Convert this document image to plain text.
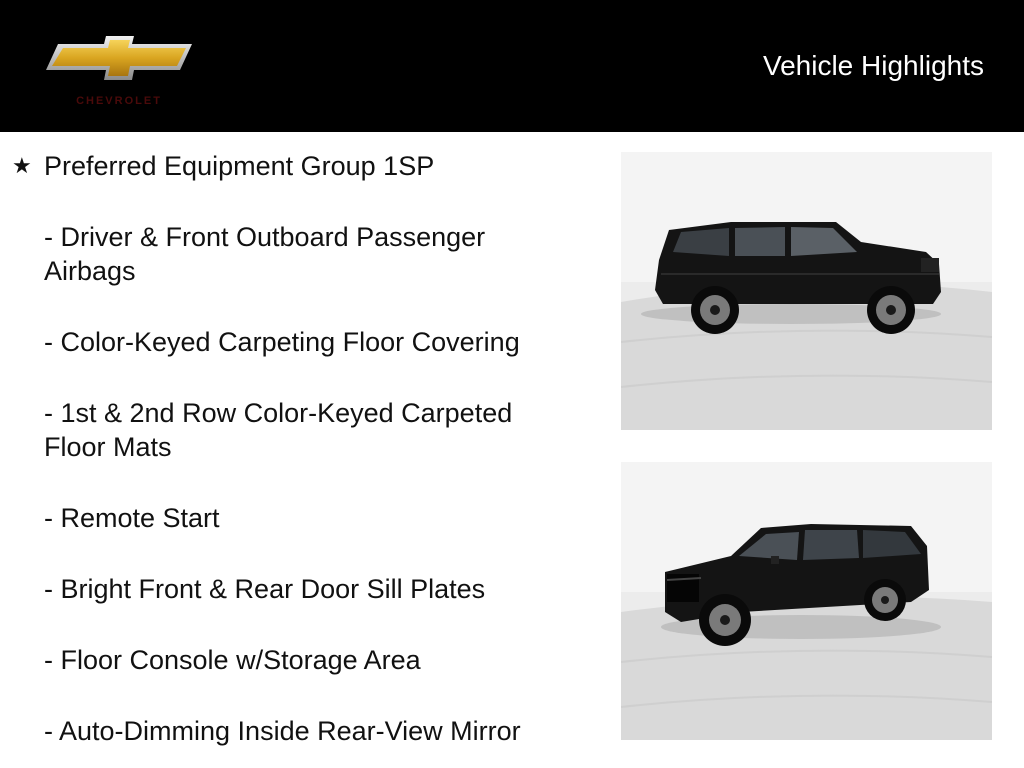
CHEVROLET
Vehicle Highlights
★ Preferred Equipment Group 1SP
- Driver & Front Outboard Passenger
Airbags
- Color-Keyed Carpeting Floor Covering
- 1st & 2nd Row Color-Keyed Carpeted
Floor Mats
- Remote Start
- Bright Front & Rear Door Sill Plates
- Floor Console w/Storage Area
- Auto-Dimming Inside Rear-View Mirror
